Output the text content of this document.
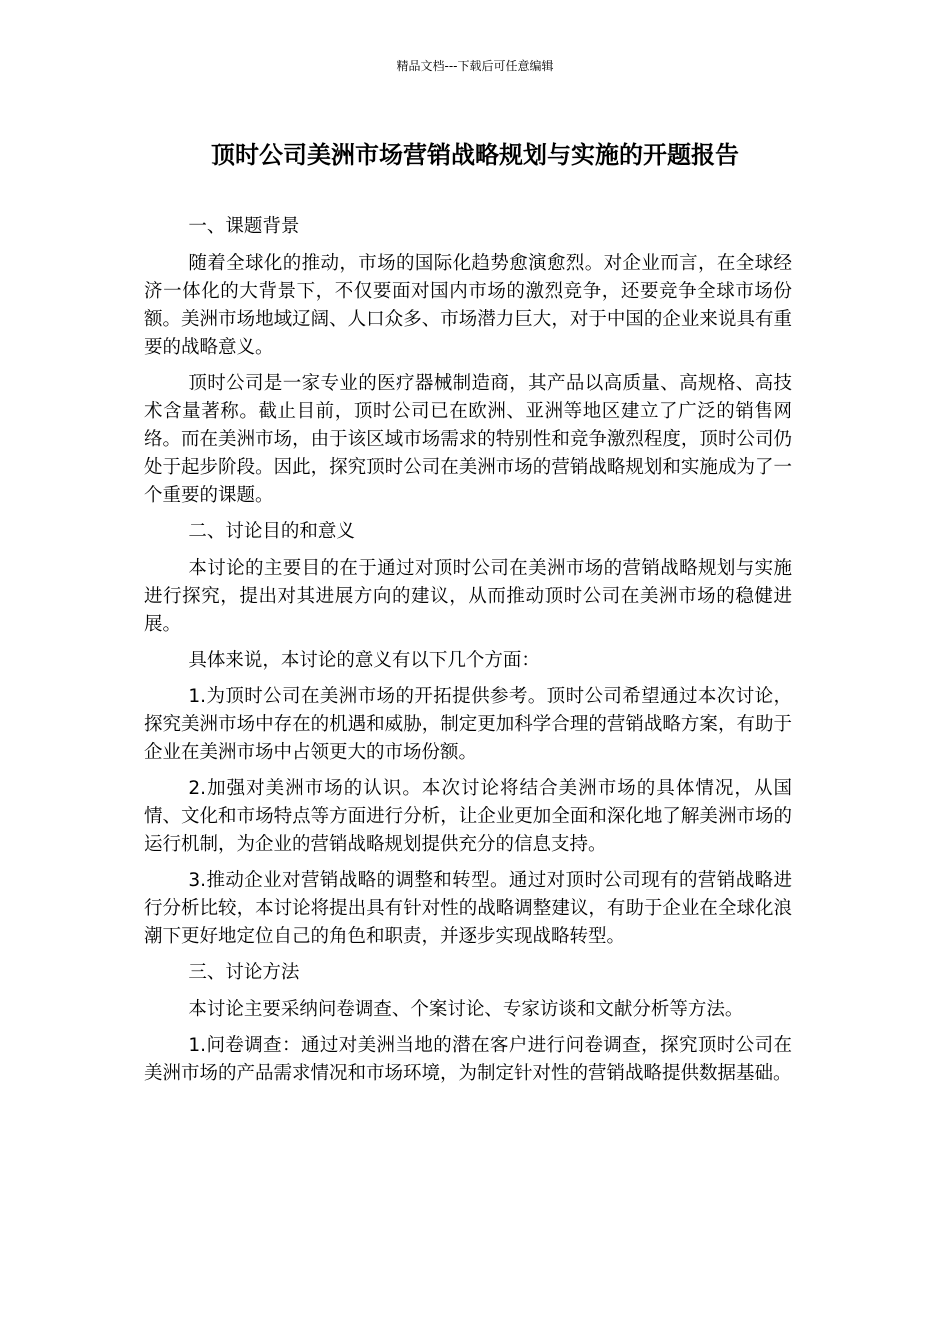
精品文档---下载后可任意编辑
顶时公司美洲市场营销战略规划与实施的开题报告

一、课题背景

随着全球化的推动，市场的国际化趋势愈演愈烈。对企业而言，在全球经济一体化的大背景下，不仅要面对国内市场的激烈竞争，还要竞争全球市场份额。美洲市场地域辽阔、人口众多、市场潜力巨大，对于中国的企业来说具有重要的战略意义。

顶时公司是一家专业的医疗器械制造商，其产品以高质量、高规格、高技术含量著称。截止目前，顶时公司已在欧洲、亚洲等地区建立了广泛的销售网络。而在美洲市场，由于该区域市场需求的特别性和竞争激烈程度，顶时公司仍处于起步阶段。因此，探究顶时公司在美洲市场的营销战略规划和实施成为了一个重要的课题。

二、讨论目的和意义

本讨论的主要目的在于通过对顶时公司在美洲市场的营销战略规划与实施进行探究，提出对其进展方向的建议，从而推动顶时公司在美洲市场的稳健进展。

具体来说，本讨论的意义有以下几个方面：

1.为顶时公司在美洲市场的开拓提供参考。顶时公司希望通过本次讨论，探究美洲市场中存在的机遇和威胁，制定更加科学合理的营销战略方案，有助于企业在美洲市场中占领更大的市场份额。

2.加强对美洲市场的认识。本次讨论将结合美洲市场的具体情况，从国情、文化和市场特点等方面进行分析，让企业更加全面和深化地了解美洲市场的运行机制，为企业的营销战略规划提供充分的信息支持。

3.推动企业对营销战略的调整和转型。通过对顶时公司现有的营销战略进行分析比较，本讨论将提出具有针对性的战略调整建议，有助于企业在全球化浪潮下更好地定位自己的角色和职责，并逐步实现战略转型。

三、讨论方法

本讨论主要采纳问卷调查、个案讨论、专家访谈和文献分析等方法。

1.问卷调查：通过对美洲当地的潜在客户进行问卷调查，探究顶时公司在美洲市场的产品需求情况和市场环境，为制定针对性的营销战略提供数据基础。
